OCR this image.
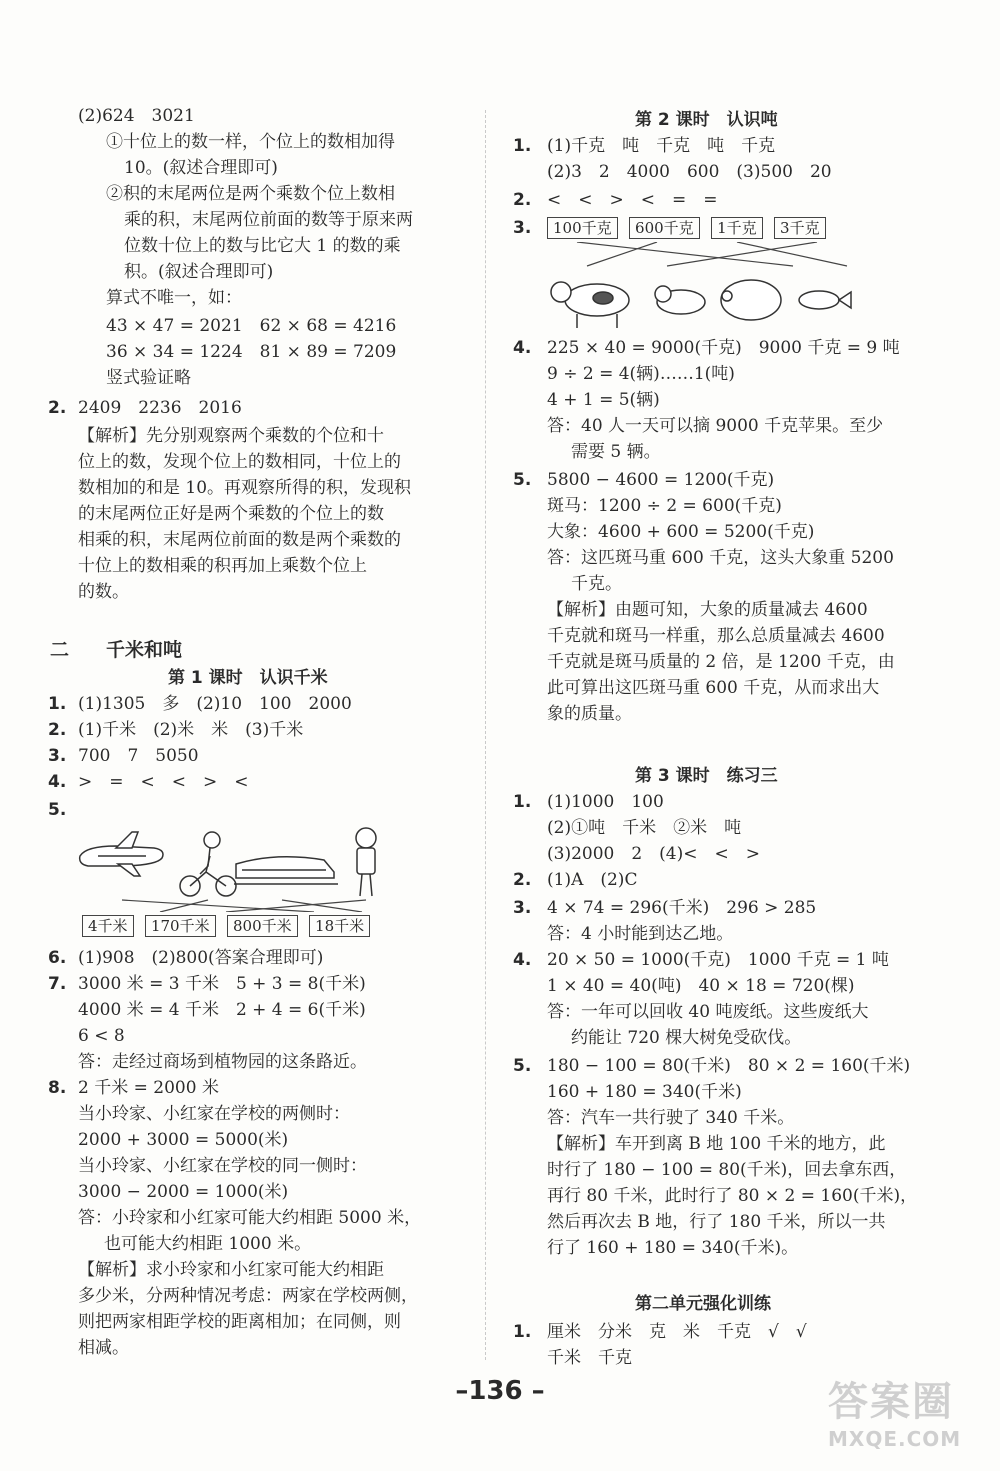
(2)624　3021
①十位上的数一样，个位上的数相加得
10。(叙述合理即可)
②积的末尾两位是两个乘数个位上数相
乘的积，末尾两位前面的数等于原来两
位数十位上的数与比它大 1 的数的乘
积。(叙述合理即可)
算式不唯一，如：
43 × 47 = 2021　62 × 68 = 4216
36 × 34 = 1224　81 × 89 = 7209
竖式验证略
2. 2409　2236　2016
【解析】先分别观察两个乘数的个位和十
位上的数，发现个位上的数相同，十位上的
数相加的和是 10。再观察所得的积，发现积
的末尾两位正好是两个乘数的个位上的数
相乘的积，末尾两位前面的数是两个乘数的
十位上的数相乘的积再加上乘数个位上
的数。
二 千米和吨
第 1 课时　认识千米
1. (1)1305　多　(2)10　100　2000
2. (1)千米　(2)米　米　(3)千米
3. 700　7　5050
4. >　=　<　<　>　<
5.
4千米 170千米 800千米 18千米
6. (1)908　(2)800(答案合理即可)
7. 3000 米 = 3 千米　5 + 3 = 8(千米)
4000 米 = 4 千米　2 + 4 = 6(千米)
6 < 8
答：走经过商场到植物园的这条路近。
8. 2 千米 = 2000 米
当小玲家、小红家在学校的两侧时：
2000 + 3000 = 5000(米)
当小玲家、小红家在学校的同一侧时：
3000 − 2000 = 1000(米)
答：小玲家和小红家可能大约相距 5000 米，
也可能大约相距 1000 米。
【解析】求小玲家和小红家可能大约相距
多少米，分两种情况考虑：两家在学校两侧，
则把两家相距学校的距离相加；在同侧，则
相减。
第 2 课时　认识吨
1. (1)千克　吨　千克　吨　千克
(2)3　2　4000　600　(3)500　20
2. <　<　>　<　=　=
3.	100千克 600千克 1千克 3千克
4. 225 × 40 = 9000(千克)　9000 千克 = 9 吨
9 ÷ 2 = 4(辆)……1(吨)
4 + 1 = 5(辆)
答：40 人一天可以摘 9000 千克苹果。至少
需要 5 辆。
5. 5800 − 4600 = 1200(千克)
斑马：1200 ÷ 2 = 600(千克)
大象：4600 + 600 = 5200(千克)
答：这匹斑马重 600 千克，这头大象重 5200
千克。
【解析】由题可知，大象的质量减去 4600
千克就和斑马一样重，那么总质量减去 4600
千克就是斑马质量的 2 倍，是 1200 千克，由
此可算出这匹斑马重 600 千克，从而求出大
象的质量。
第 3 课时　练习三
1. (1)1000　100
(2)①吨　千米　②米　吨
(3)2000　2　(4)<　<　>
2. (1)A　(2)C
3. 4 × 74 = 296(千米)　296 > 285
答：4 小时能到达乙地。
4. 20 × 50 = 1000(千克)　1000 千克 = 1 吨
1 × 40 = 40(吨)　40 × 18 = 720(棵)
答：一年可以回收 40 吨废纸。这些废纸大
约能让 720 棵大树免受砍伐。
5. 180 − 100 = 80(千米)　80 × 2 = 160(千米)
160 + 180 = 340(千米)
答：汽车一共行驶了 340 千米。
【解析】车开到离 B 地 100 千米的地方，此
时行了 180 − 100 = 80(千米)，回去拿东西，
再行 80 千米，此时行了 80 × 2 = 160(千米)，
然后再次去 B 地，行了 180 千米，所以一共
行了 160 + 180 = 340(千米)。
第二单元强化训练
1. 厘米　分米　克　米　千克　√　√
千米　千克
–136 –	答案圈
MXQE.COM
